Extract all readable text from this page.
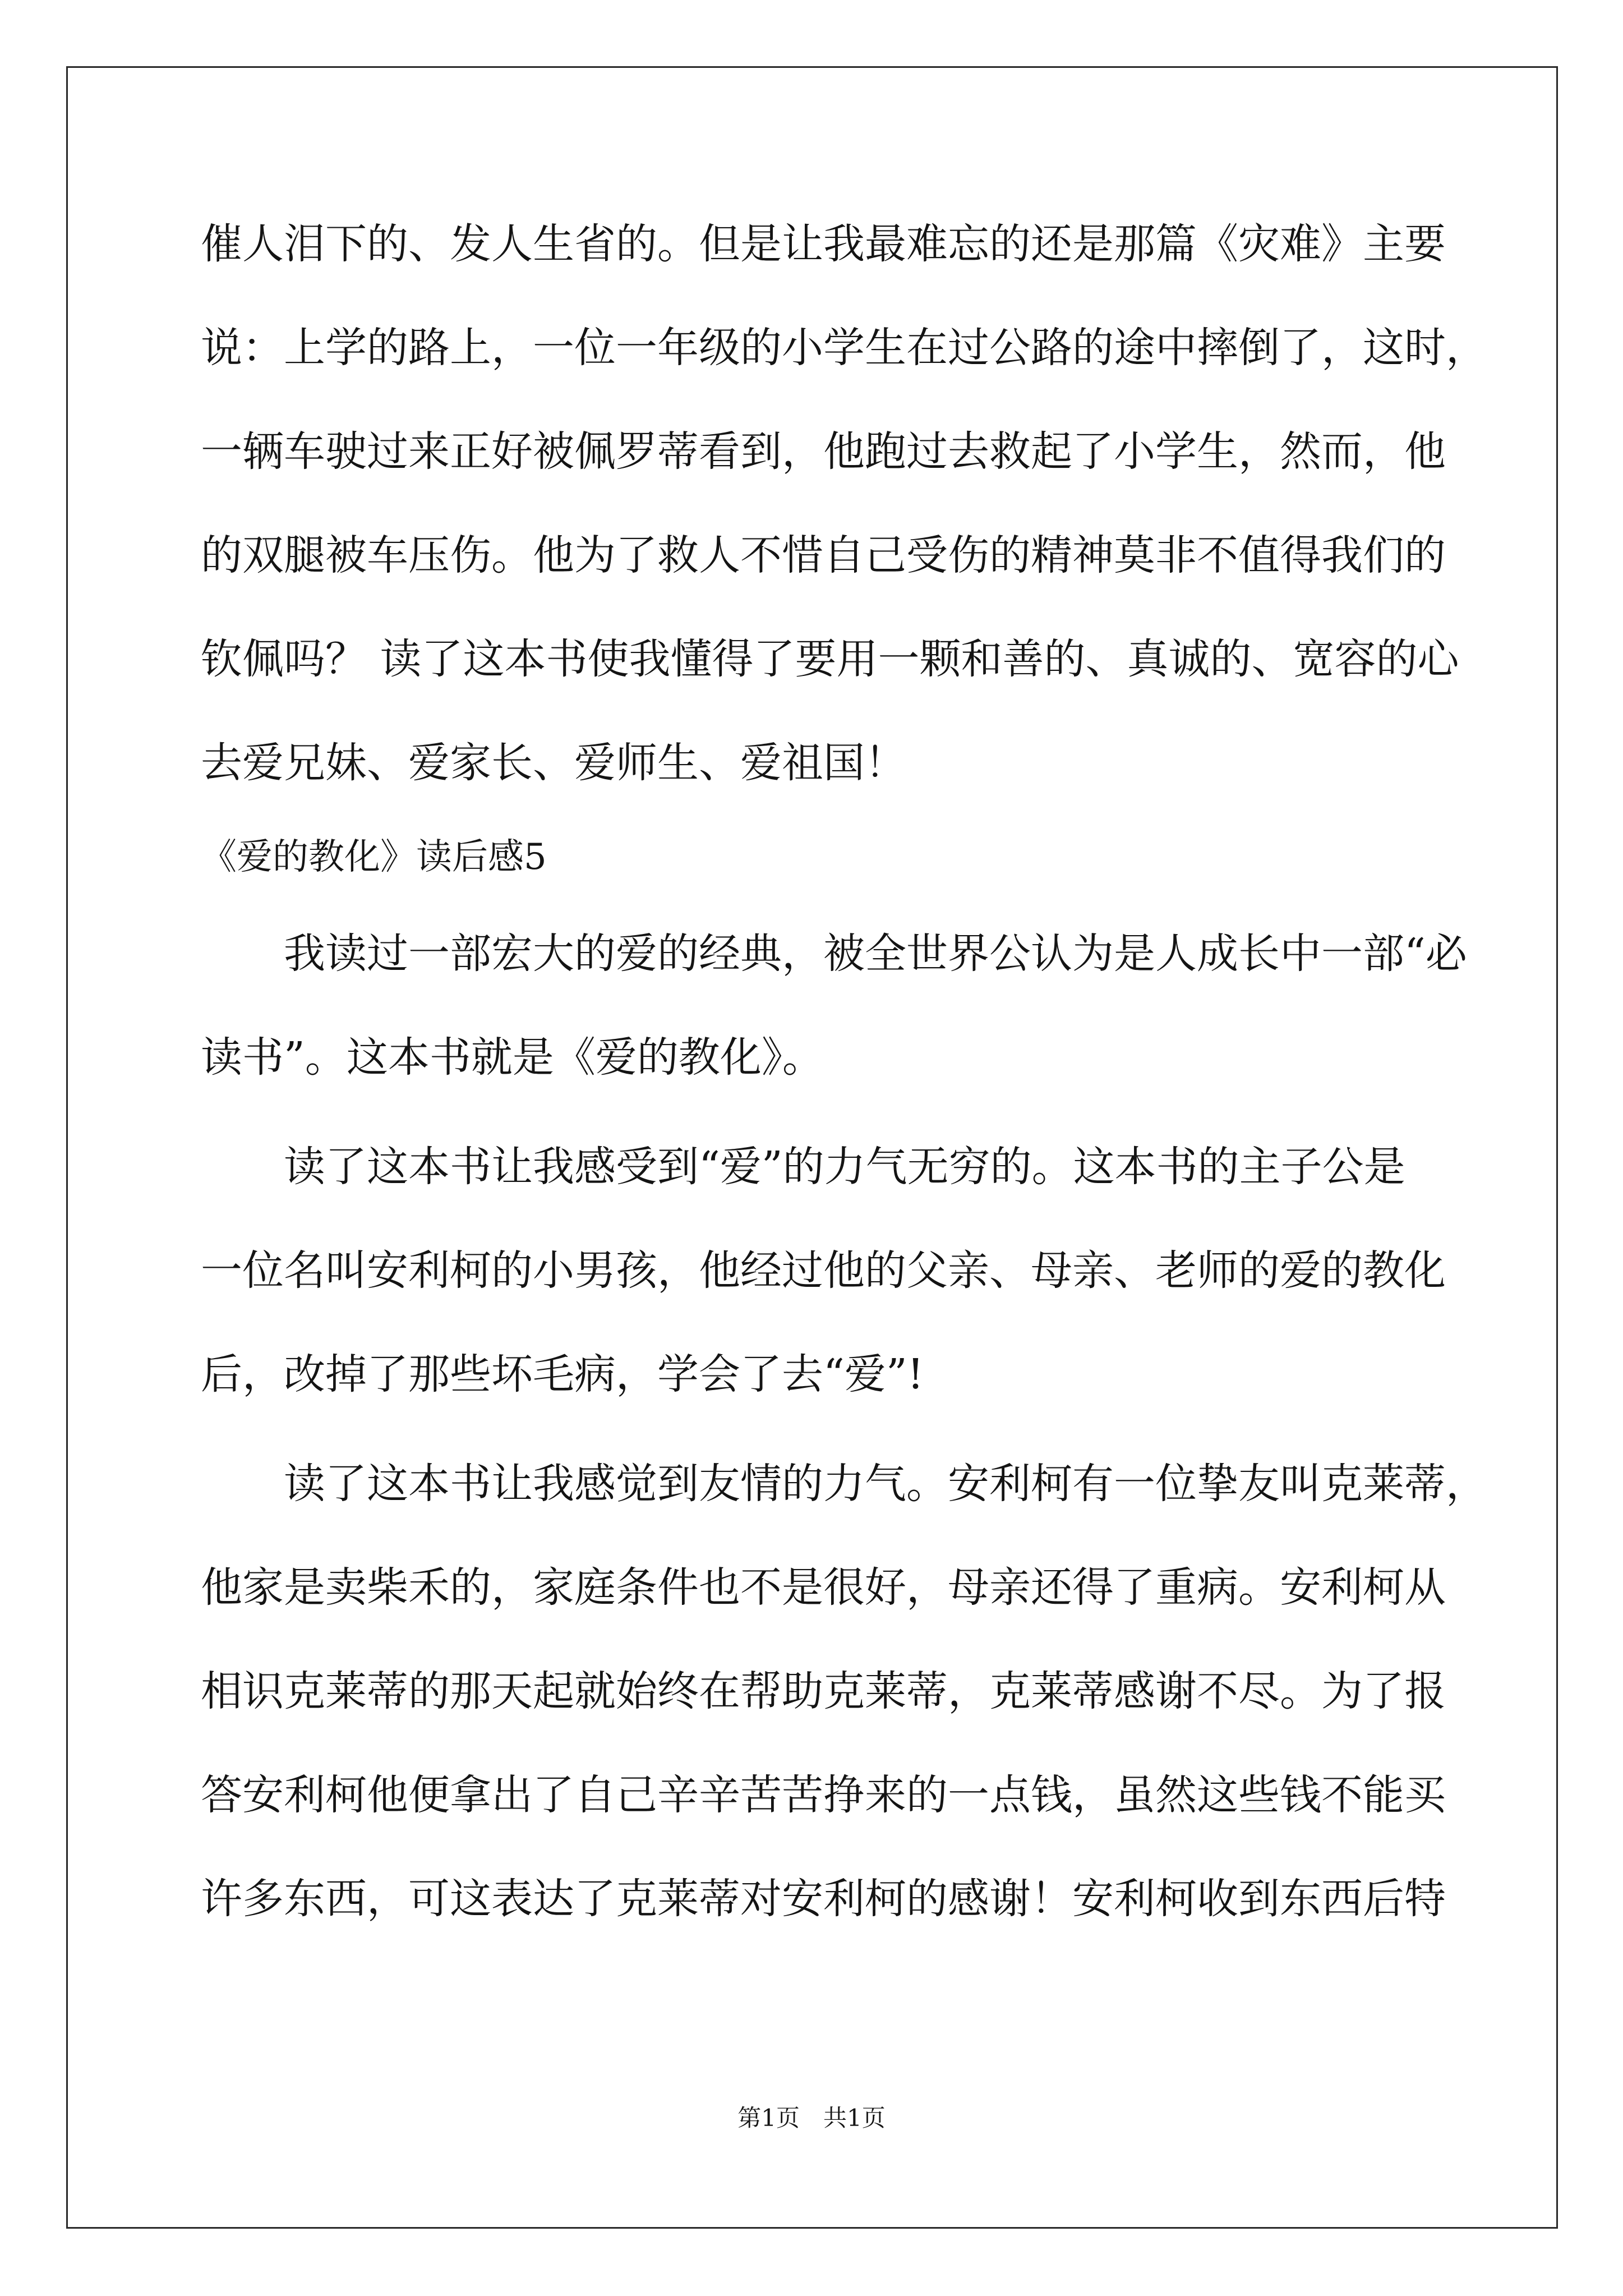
催人泪下的、发人生省的。但是让我最难忘的还是那篇《灾难》主要
说：上学的路上，一位一年级的小学生在过公路的途中摔倒了，这时，
一辆车驶过来正好被佩罗蒂看到，他跑过去救起了小学生，然而，他
的双腿被车压伤。他为了救人不惜自己受伤的精神莫非不值得我们的
钦佩吗？ 读了这本书使我懂得了要用一颗和善的、真诚的、宽容的心
去爱兄妹、爱家长、爱师生、爱祖国！
《爱的教化》读后感5
　　我读过一部宏大的爱的经典，被全世界公认为是人成长中一部“必
读书”。这本书就是《爱的教化》。
　　读了这本书让我感受到“爱”的力气无穷的。这本书的主子公是
一位名叫安利柯的小男孩，他经过他的父亲、母亲、老师的爱的教化
后，改掉了那些坏毛病，学会了去“爱”!
　　读了这本书让我感觉到友情的力气。安利柯有一位挚友叫克莱蒂，
他家是卖柴禾的，家庭条件也不是很好，母亲还得了重病。安利柯从
相识克莱蒂的那天起就始终在帮助克莱蒂，克莱蒂感谢不尽。为了报
答安利柯他便拿出了自己辛辛苦苦挣来的一点钱，虽然这些钱不能买
许多东西，可这表达了克莱蒂对安利柯的感谢！安利柯收到东西后特
第1页　共1页
